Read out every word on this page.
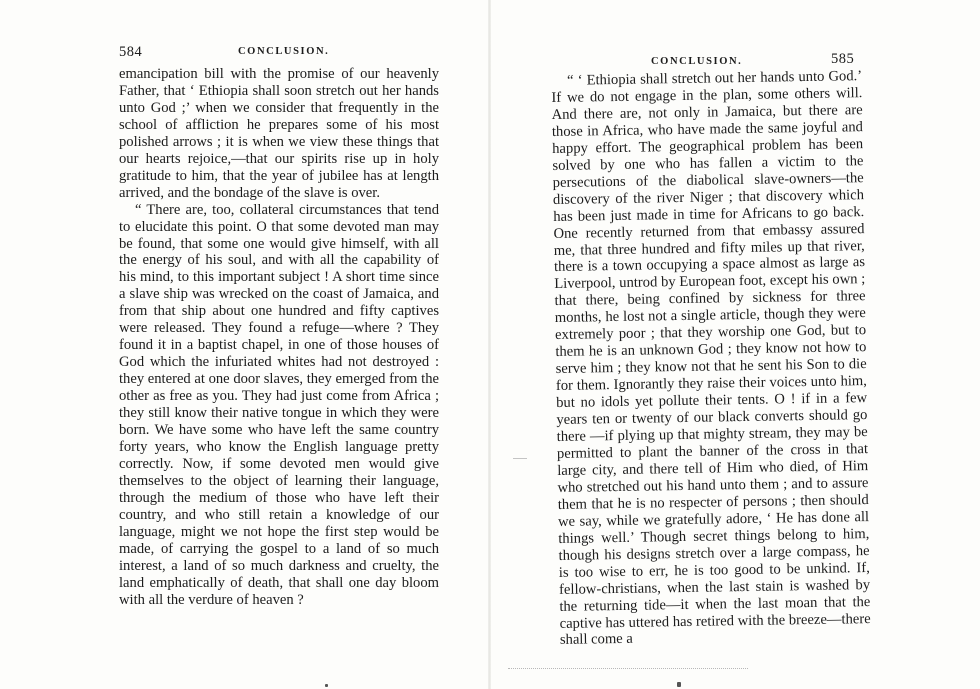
584	CONCLUSION.

emancipation bill with the promise of our heavenly Father, that ‘ Ethiopia shall soon stretch out her hands unto God ;’ when we consider that frequently in the school of affliction he prepares some of his most polished arrows ; it is when we view these things that our hearts rejoice,—that our spirits rise up in holy gratitude to him, that the year of jubilee has at length arrived, and the bondage of the slave is over.

“ There are, too, collateral circumstances that tend to elucidate this point. O that some devoted man may be found, that some one would give himself, with all the energy of his soul, and with all the capability of his mind, to this important subject ! A short time since a slave ship was wrecked on the coast of Jamaica, and from that ship about one hundred and fifty captives were released. They found a refuge—where ? They found it in a baptist chapel, in one of those houses of God which the infuriated whites had not destroyed : they entered at one door slaves, they emerged from the other as free as you. They had just come from Africa ; they still know their native tongue in which they were born. We have some who have left the same country forty years, who know the English language pretty correctly. Now, if some devoted men would give themselves to the object of learning their language, through the medium of those who have left their country, and who still retain a knowledge of our language, might we not hope the first step would be made, of carrying the gospel to a land of so much interest, a land of so much darkness and cruelty, the land emphatically of death, that shall one day bloom with all the verdure of heaven ?

CONCLUSION.	585

“ ‘ Ethiopia shall stretch out her hands unto God.’ If we do not engage in the plan, some others will. And there are, not only in Jamaica, but there are those in Africa, who have made the same joyful and happy effort. The geographical problem has been solved by one who has fallen a victim to the persecutions of the diabolical slave-owners—the discovery of the river Niger ; that discovery which has been just made in time for Africans to go back. One recently returned from that embassy assured me, that three hundred and fifty miles up that river, there is a town occupying a space almost as large as Liverpool, untrod by European foot, except his own ; that there, being confined by sickness for three months, he lost not a single article, though they were extremely poor ; that they worship one God, but to them he is an unknown God ; they know not how to serve him ; they know not that he sent his Son to die for them. Ignorantly they raise their voices unto him, but no idols yet pollute their tents. O ! if in a few years ten or twenty of our black converts should go there —if plying up that mighty stream, they may be permitted to plant the banner of the cross in that large city, and there tell of Him who died, of Him who stretched out his hand unto them ; and to assure them that he is no respecter of persons ; then should we say, while we gratefully adore, ‘ He has done all things well.’ Though secret things belong to him, though his designs stretch over a large compass, he is too wise to err, he is too good to be unkind. If, fellow-christians, when the last stain is washed by the returning tide—it when the last moan that the captive has uttered has retired with the breeze—there shall come a
